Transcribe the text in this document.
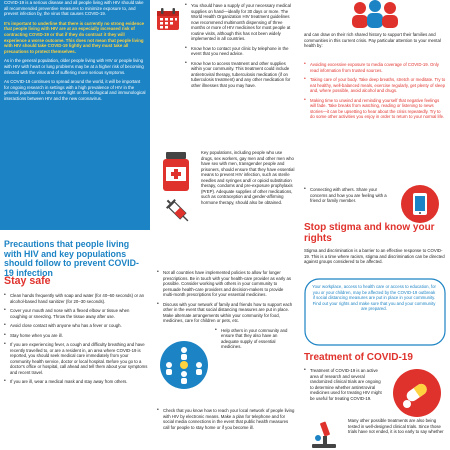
COVID-19 is a serious disease and all people living with HIV should take all recommended preventive measures to minimize exposure to, and prevent infection by, the virus that causes COVID-19.

It's important to underline that there is currently no strong evidence that people living with HIV are at an especially increased risk of contracting COVID-19 or that if they do contract it they will experience a worse outcome. This does not mean that people living with HIV should take COVID-19 lightly and they must take all precautions to protect themselves.

As in the general population, older people living with HIV or people living with HIV with heart or lung problems may be at a higher risk of becoming infected with the virus and of suffering more serious symptoms.

As COVID-19 continues to spread around the world, it will be important for ongoing research in settings with a high prevalence of HIV in the general population to shed more light on the biological and immunological interactions between HIV and the new coronavirus.

Precautions that people living with HIV and key populations should follow to prevent COVID-19 infection
Stay safe
• Clean hands frequently with soap and water (for 40–60 seconds) or an alcohol-based hand sanitizer (for 20–30 seconds).
• Cover your mouth and nose with a flexed elbow or tissue when coughing or sneezing. Throw the tissue away after use.
• Avoid close contact with anyone who has a fever or cough.
• Stay home when you are ill.
• If you are experiencing fever, a cough and difficulty breathing and have recently travelled to, or are a resident in, an area where COVID-19 is reported, you should seek medical care immediately from your community health service, doctor or local hospital. Before you go to a doctor's office or hospital, call ahead and tell them about your symptoms and recent travel.
• If you are ill, wear a medical mask and stay away from others.
• You should have a supply of your necessary medical supplies on hand—ideally for 30 days or more. The World Health Organization HIV treatment guidelines now recommend multimonth dispensing of three months or more of HIV medicines for most people at routine visits, although this has not been widely implemented in all countries.
• Know how to contact your clinic by telephone in the event that you need advice.
• Know how to access treatment and other supplies within your community. This treatment could include antiretroviral therapy, tuberculosis medication (if on tuberculosis treatment) and any other medication for other illnesses that you may have.
Key populations, including people who use drugs, sex workers, gay men and other men who have sex with men, transgender people and prisoners, should ensure that they have essential means to prevent HIV infection, such as sterile needles and syringes and/ or opioid substitution therapy, condoms and pre-exposure prophylaxis (PrEP). Adequate supplies of other medications, such as contraception and gender-affirming hormone therapy, should also be obtained.
• Not all countries have implemented policies to allow for longer prescriptions. Be in touch with your health-care provider as early as possible. Consider working with others in your community to persuade health-care providers and decision-makers to provide multi-month prescriptions for your essential medicines.
• Discuss with your network of family and friends how to support each other in the event that social distancing measures are put in place. Make alternate arrangements within your community for food, medicines, care for children or pets, etc.
• Help others in your community and ensure that they also have an adequate supply of essential medicines.
• Check that you know how to reach your local network of people living with HIV by electronic means. Make a plan for telephone and for social media connections in the event that public health measures call for people to stay home or if you become ill.
and can draw on their rich shared history to support their families and communities in this current crisis. Pay particular attention to your mental health by:
• Avoiding excessive exposure to media coverage of COVID-19. Only read information from trusted sources.
• Taking care of your body. Take deep breaths, stretch or meditate. Try to eat healthy, well-balanced meals, exercise regularly, get plenty of sleep and, where possible, avoid alcohol and drugs.
• Making time to unwind and reminding yourself that negative feelings will fade. Take breaks from watching, reading or listening to news stories—it can be upsetting to hear about the crisis repeatedly. Try to do some other activities you enjoy in order to return to your normal life.
• Connecting with others. Share your concerns and how you are feeling with a friend or family member.
Stop stigma and know your rights
Stigma and discrimination is a barrier to an effective response to COVID-19. This is a time where racism, stigma and discrimination can be directed against groups considered to be affected.
Your workplace, access to health care or access to education, for you or your children, may be affected by the COVID-19 outbreak if social distancing measures are put in place in your community. Find out your rights and make sure that you and your community are prepared.
Treatment of COVID-19
• Treatment of COVID-19 is an active area of research and several randomized clinical trials are ongoing to determine whether antiretroviral medicines used for treating HIV might be useful for treating COVID-19.
Many other possible treatments are also being tested in well-designed clinical trials. Since those trials have not ended, it is too early to say whether
